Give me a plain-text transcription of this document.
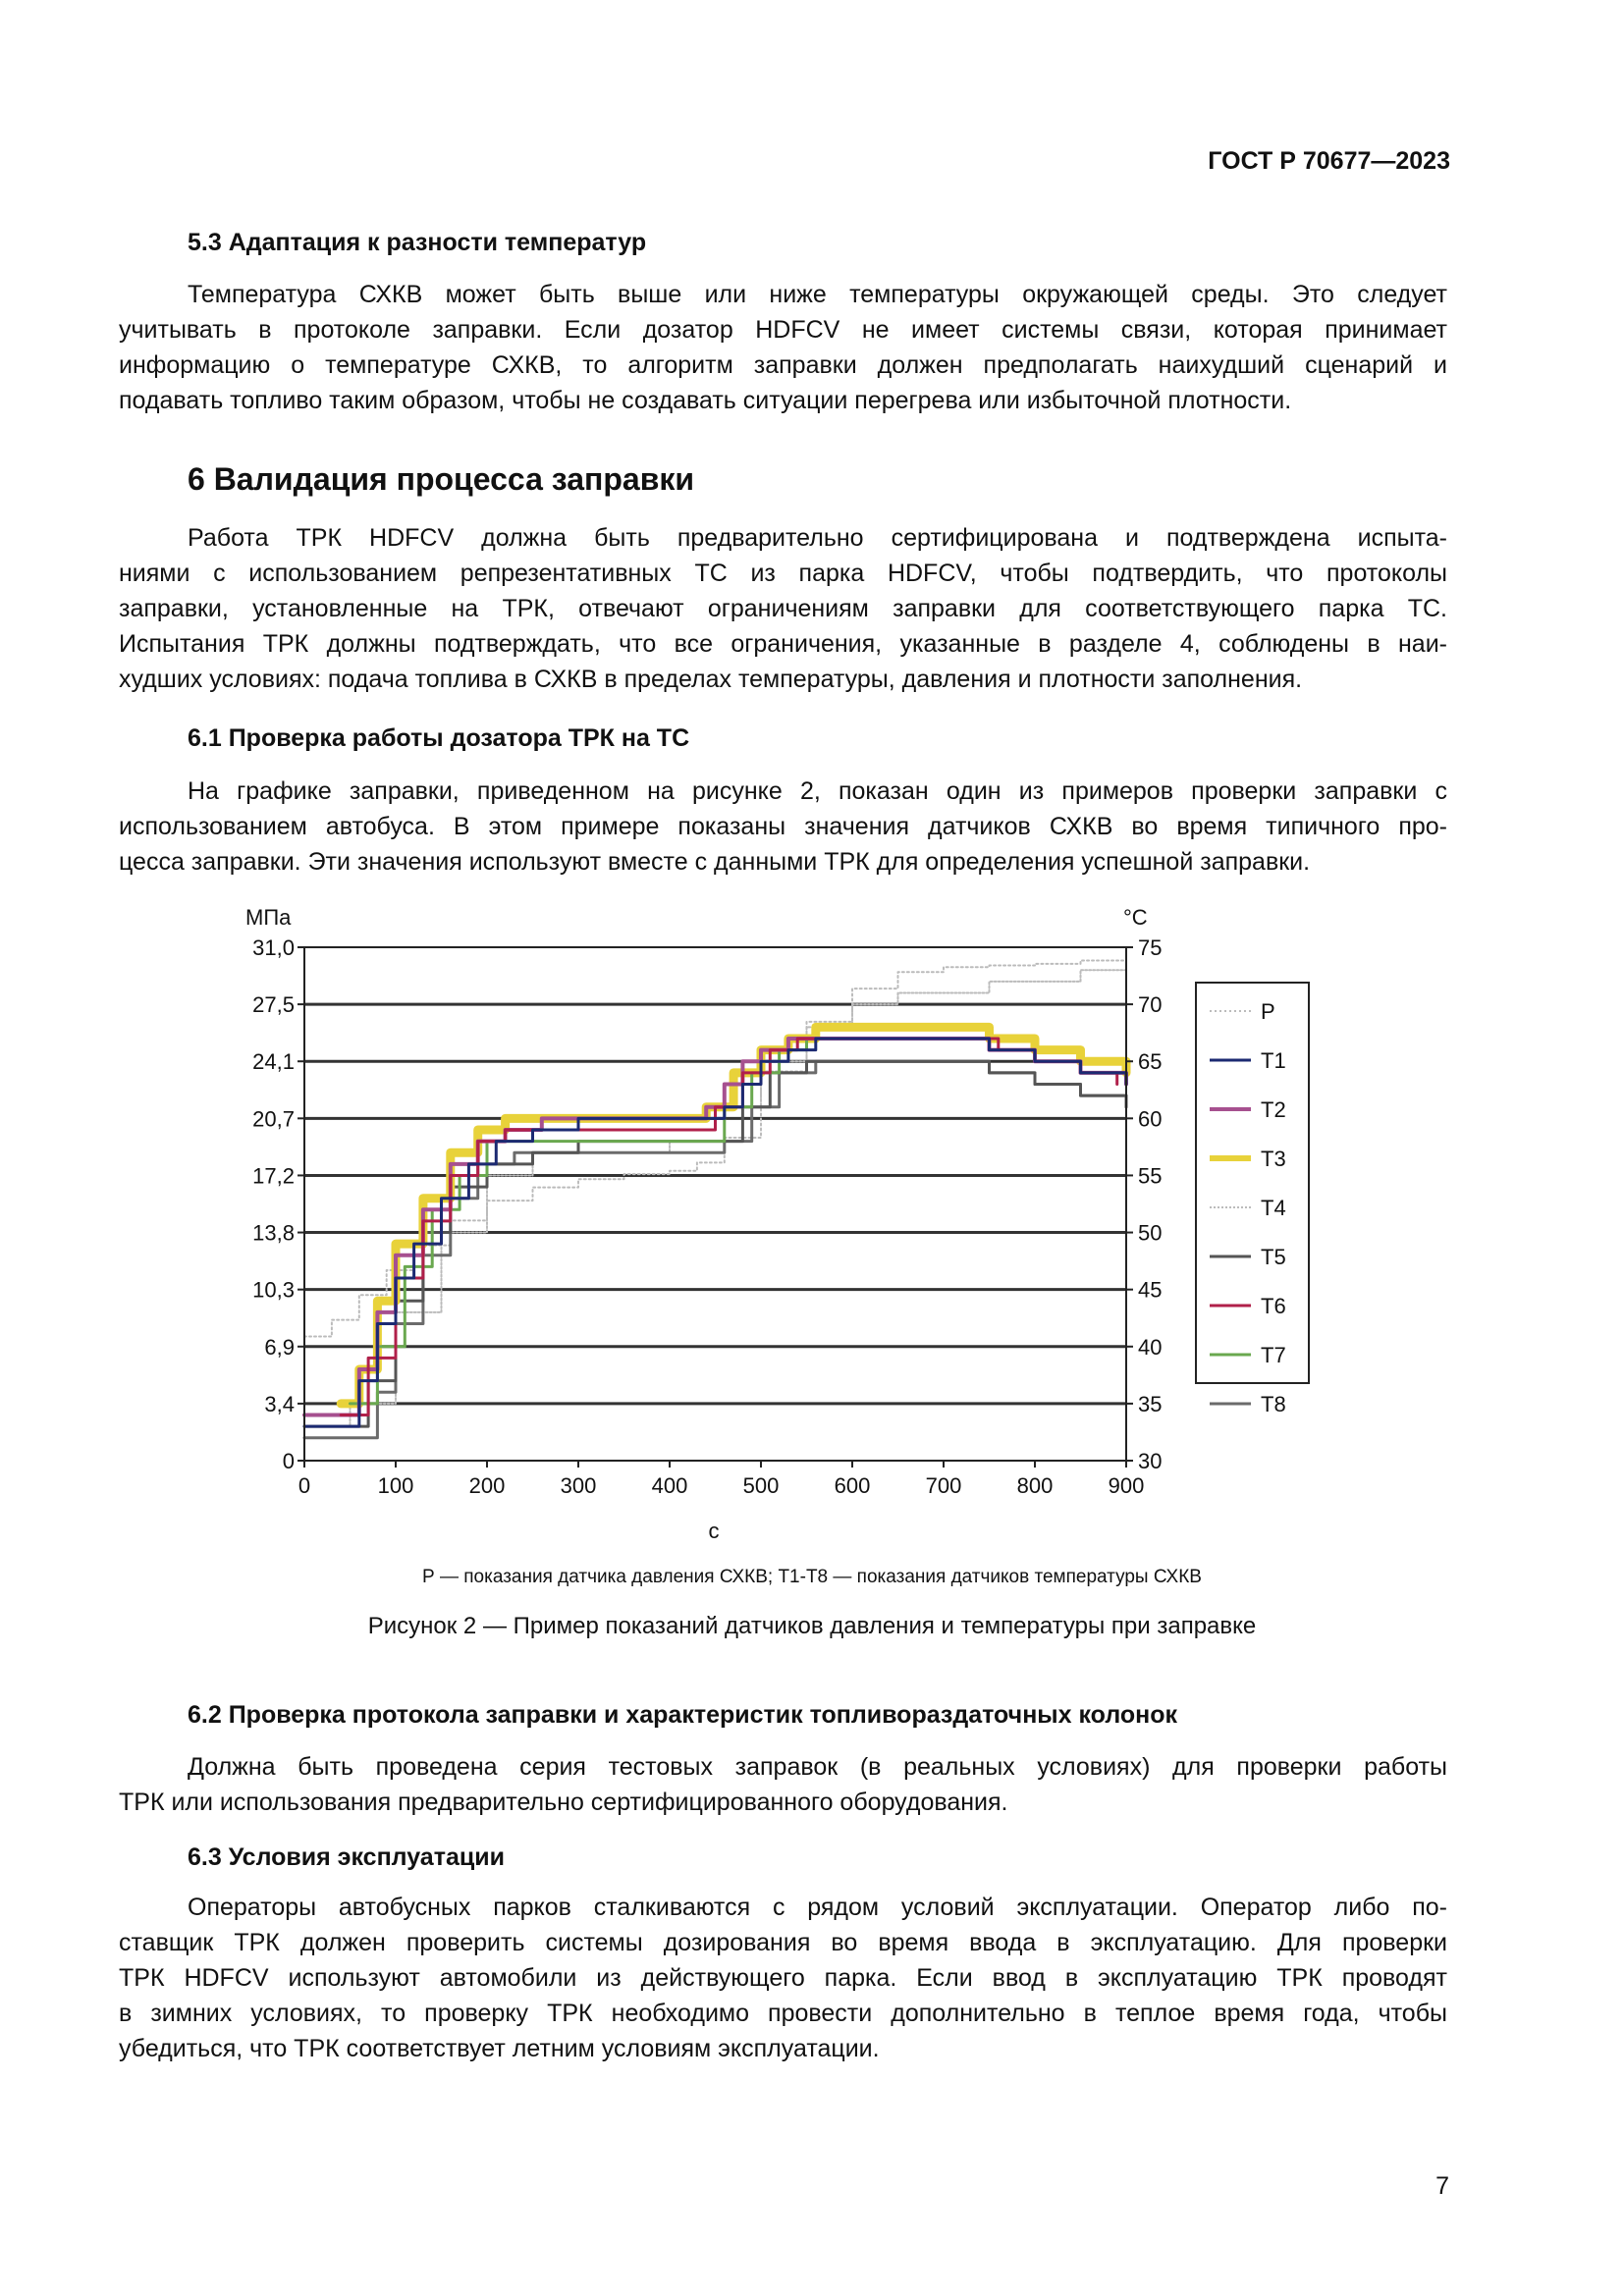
ГОСТ Р 70677—2023
5.3 Адаптация к разности температур
Температура СХКВ может быть выше или ниже температуры окружающей среды. Это следует
учитывать в протоколе заправки. Если дозатор HDFCV не имеет системы связи, которая принимает
информацию о температуре СХКВ, то алгоритм заправки должен предполагать наихудший сценарий и
подавать топливо таким образом, чтобы не создавать ситуации перегрева или избыточной плотности.
6 Валидация процесса заправки
Работа ТРК HDFCV должна быть предварительно сертифицирована и подтверждена испыта-
ниями с использованием репрезентативных ТС из парка HDFCV, чтобы подтвердить, что протоколы
заправки, установленные на ТРК, отвечают ограничениям заправки для соответствующего парка ТС.
Испытания ТРК должны подтверждать, что все ограничения, указанные в разделе 4, соблюдены в наи-
худших условиях: подача топлива в СХКВ в пределах температуры, давления и плотности заполнения.
6.1 Проверка работы дозатора ТРК на ТС
На графике заправки, приведенном на рисунке 2, показан один из примеров проверки заправки с
использованием автобуса. В этом примере показаны значения датчиков СХКВ во время типичного про-
цесса заправки. Эти значения используют вместе с данными ТРК для определения успешной заправки.
0	100	200	300	400	500	600	700	800	900
0
3,4
6,9
10,3
13,8
17,2
20,7
24,1
27,5
31,0
30
35
40
45
50
55
60
65
70
75
МПа	°С
с
Р
Т1
Т2
Т3
Т4
Т5
Т6
Т7
Т8
Р — показания датчика давления СХКВ; Т1-Т8 — показания датчиков температуры СХКВ
Рисунок 2 — Пример показаний датчиков давления и температуры при заправке
6.2 Проверка протокола заправки и характеристик топливораздаточных колонок
Должна быть проведена серия тестовых заправок (в реальных условиях) для проверки работы
ТРК или использования предварительно сертифицированного оборудования.
6.3 Условия эксплуатации
Операторы автобусных парков сталкиваются с рядом условий эксплуатации. Оператор либо по-
ставщик ТРК должен проверить системы дозирования во время ввода в эксплуатацию. Для проверки
ТРК HDFCV используют автомобили из действующего парка. Если ввод в эксплуатацию ТРК проводят
в зимних условиях, то проверку ТРК необходимо провести дополнительно в теплое время года, чтобы
убедиться, что ТРК соответствует летним условиям эксплуатации.
7
